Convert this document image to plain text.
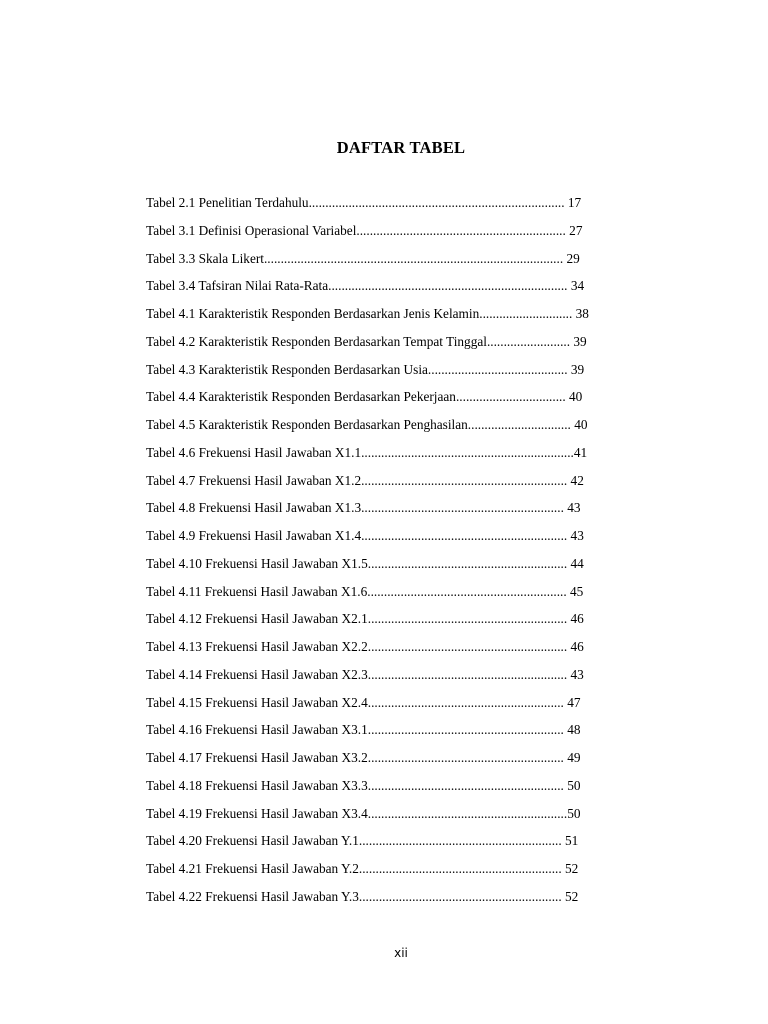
DAFTAR TABEL
Tabel 2.1 Penelitian Terdahulu............................................................................. 17
Tabel 3.1 Definisi Operasional Variabel............................................................... 27
Tabel 3.3 Skala Likert.......................................................................................... 29
Tabel 3.4 Tafsiran Nilai Rata-Rata........................................................................ 34
Tabel 4.1 Karakteristik Responden Berdasarkan Jenis Kelamin............................ 38
Tabel 4.2 Karakteristik Responden Berdasarkan Tempat Tinggal......................... 39
Tabel 4.3 Karakteristik Responden Berdasarkan Usia.......................................... 39
Tabel 4.4 Karakteristik Responden Berdasarkan Pekerjaan................................. 40
Tabel 4.5 Karakteristik Responden Berdasarkan Penghasilan............................... 40
Tabel 4.6 Frekuensi Hasil Jawaban X1.1................................................................41
Tabel 4.7 Frekuensi Hasil Jawaban X1.2.............................................................. 42
Tabel 4.8 Frekuensi Hasil Jawaban X1.3............................................................. 43
Tabel 4.9 Frekuensi Hasil Jawaban X1.4.............................................................. 43
Tabel 4.10 Frekuensi Hasil Jawaban X1.5............................................................ 44
Tabel 4.11 Frekuensi Hasil Jawaban X1.6............................................................ 45
Tabel 4.12 Frekuensi Hasil Jawaban X2.1............................................................ 46
Tabel 4.13 Frekuensi Hasil Jawaban X2.2............................................................ 46
Tabel 4.14 Frekuensi Hasil Jawaban X2.3............................................................ 43
Tabel 4.15 Frekuensi Hasil Jawaban X2.4........................................................... 47
Tabel 4.16 Frekuensi Hasil Jawaban X3.1........................................................... 48
Tabel 4.17 Frekuensi Hasil Jawaban X3.2........................................................... 49
Tabel 4.18 Frekuensi Hasil Jawaban X3.3........................................................... 50
Tabel 4.19 Frekuensi Hasil Jawaban X3.4............................................................50
Tabel 4.20 Frekuensi Hasil Jawaban Y.1............................................................. 51
Tabel 4.21 Frekuensi Hasil Jawaban Y.2............................................................. 52
Tabel 4.22 Frekuensi Hasil Jawaban Y.3............................................................. 52
xii
